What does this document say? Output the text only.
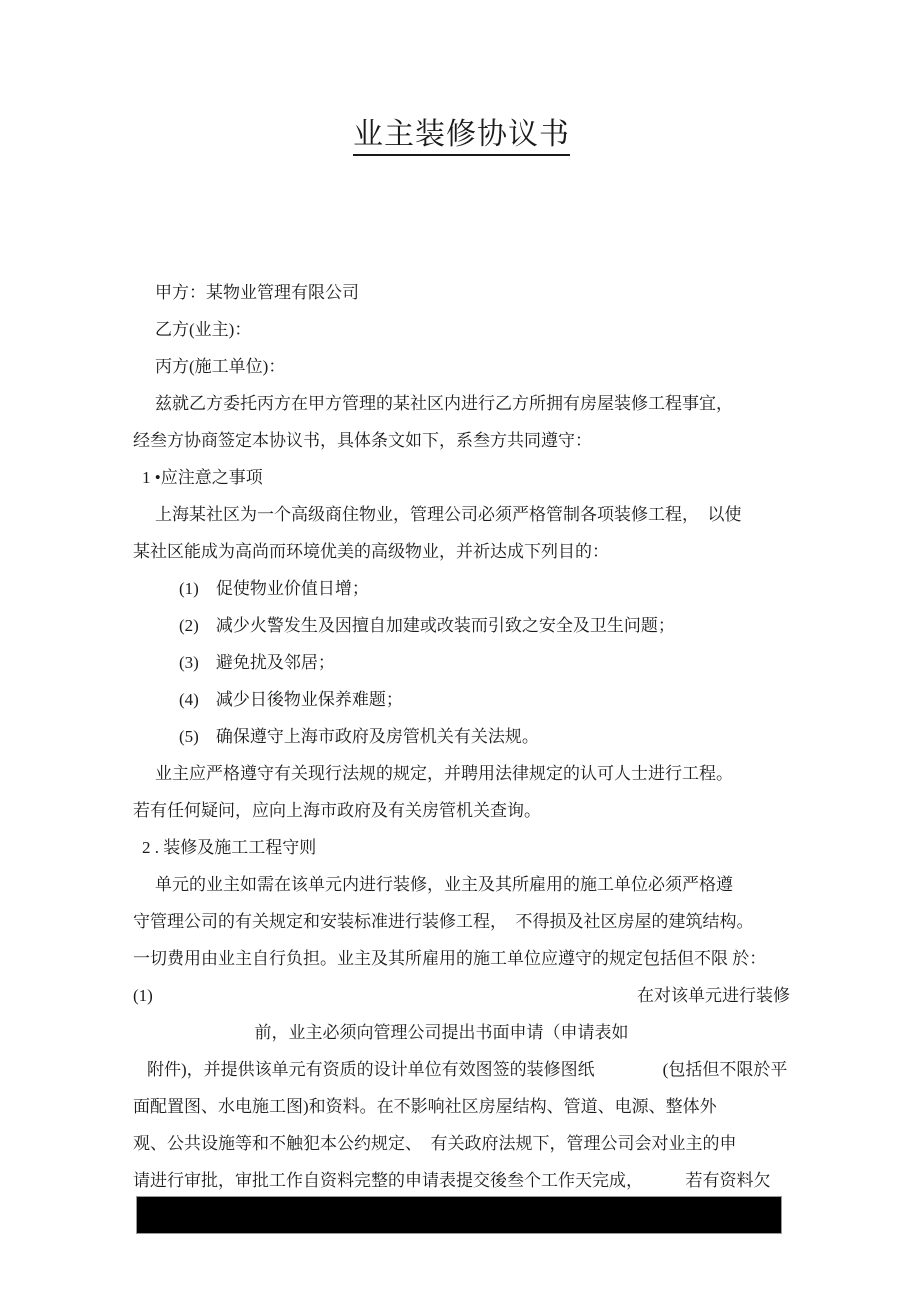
业主装修协议书
甲方：某物业管理有限公司
乙方(业主)：
丙方(施工单位)：
兹就乙方委托丙方在甲方管理的某社区内进行乙方所拥有房屋装修工程事宜，
经叁方协商签定本协议书，具体条文如下，系叁方共同遵守：
1 •应注意之事项
上海某社区为一个高级商住物业，管理公司必须严格管制各项装修工程，　以使
某社区能成为高尚而环境优美的高级物业，并祈达成下列目的：
(1)　促使物业价值日增；
(2)　减少火警发生及因擅自加建或改装而引致之安全及卫生问题；
(3)　避免扰及邻居；
(4)　减少日後物业保养难题；
(5)　确保遵守上海市政府及房管机关有关法规。
业主应严格遵守有关现行法规的规定，并聘用法律规定的认可人士进行工程。
若有任何疑问，应向上海市政府及有关房管机关查询。
2 . 装修及施工工程守则
单元的业主如需在该单元内进行装修，业主及其所雇用的施工单位必须严格遵
守管理公司的有关规定和安装标准进行装修工程，　不得损及社区房屋的建筑结构。
一切费用由业主自行负担。业主及其所雇用的施工单位应遵守的规定包括但不限 於：
(1)	在对该单元进行装修
前，业主必须向管理公司提出书面申请（申请表如
附件)，并提供该单元有资质的设计单位有效图签的装修图纸　　　　(包括但不限於平
面配置图、水电施工图)和资料。在不影响社区房屋结构、管道、电源、整体外
观、公共设施等和不触犯本公约规定、　有关政府法规下，管理公司会对业主的申
请进行审批，审批工作自资料完整的申请表提交後叁个工作天完成，　　　若有资料欠
